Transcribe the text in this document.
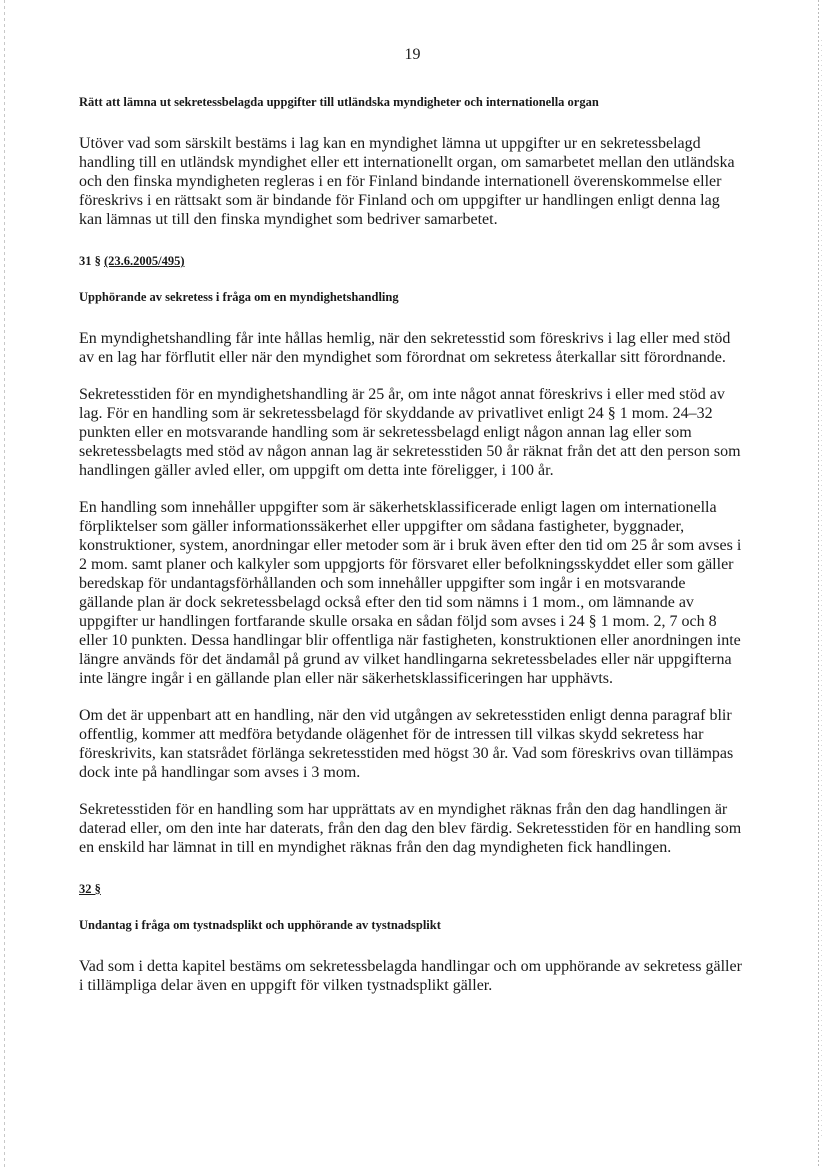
19

Rätt att lämna ut sekretessbelagda uppgifter till utländska myndigheter och internationella organ

Utöver vad som särskilt bestäms i lag kan en myndighet lämna ut uppgifter ur en sekretessbelagd handling till en utländsk myndighet eller ett internationellt organ, om samarbetet mellan den utländska och den finska myndigheten regleras i en för Finland bindande internationell överenskommelse eller föreskrivs i en rättsakt som är bindande för Finland och om uppgifter ur handlingen enligt denna lag kan lämnas ut till den finska myndighet som bedriver samarbetet.

31 § (23.6.2005/495)

Upphörande av sekretess i fråga om en myndighetshandling

En myndighetshandling får inte hållas hemlig, när den sekretesstid som föreskrivs i lag eller med stöd av en lag har förflutit eller när den myndighet som förordnat om sekretess återkallar sitt förordnande.

Sekretesstiden för en myndighetshandling är 25 år, om inte något annat föreskrivs i eller med stöd av lag. För en handling som är sekretessbelagd för skyddande av privatlivet enligt 24 § 1 mom. 24–32 punkten eller en motsvarande handling som är sekretessbelagd enligt någon annan lag eller som sekretessbelagts med stöd av någon annan lag är sekretesstiden 50 år räknat från det att den person som handlingen gäller avled eller, om uppgift om detta inte föreligger, i 100 år.

En handling som innehåller uppgifter som är säkerhetsklassificerade enligt lagen om internationella förpliktelser som gäller informationssäkerhet eller uppgifter om sådana fastigheter, byggnader, konstruktioner, system, anordningar eller metoder som är i bruk även efter den tid om 25 år som avses i 2 mom. samt planer och kalkyler som uppgjorts för försvaret eller befolkningsskyddet eller som gäller beredskap för undantagsförhållanden och som innehåller uppgifter som ingår i en motsvarande gällande plan är dock sekretessbelagd också efter den tid som nämns i 1 mom., om lämnande av uppgifter ur handlingen fortfarande skulle orsaka en sådan följd som avses i 24 § 1 mom. 2, 7 och 8 eller 10 punkten. Dessa handlingar blir offentliga när fastigheten, konstruktionen eller anordningen inte längre används för det ändamål på grund av vilket handlingarna sekretessbelades eller när uppgifterna inte längre ingår i en gällande plan eller när säkerhetsklassificeringen har upphävts.

Om det är uppenbart att en handling, när den vid utgången av sekretesstiden enligt denna paragraf blir offentlig, kommer att medföra betydande olägenhet för de intressen till vilkas skydd sekretess har föreskrivits, kan statsrådet förlänga sekretesstiden med högst 30 år. Vad som föreskrivs ovan tillämpas dock inte på handlingar som avses i 3 mom.

Sekretesstiden för en handling som har upprättats av en myndighet räknas från den dag handlingen är daterad eller, om den inte har daterats, från den dag den blev färdig. Sekretesstiden för en handling som en enskild har lämnat in till en myndighet räknas från den dag myndigheten fick handlingen.

32 §

Undantag i fråga om tystnadsplikt och upphörande av tystnadsplikt

Vad som i detta kapitel bestäms om sekretessbelagda handlingar och om upphörande av sekretess gäller i tillämpliga delar även en uppgift för vilken tystnadsplikt gäller.
